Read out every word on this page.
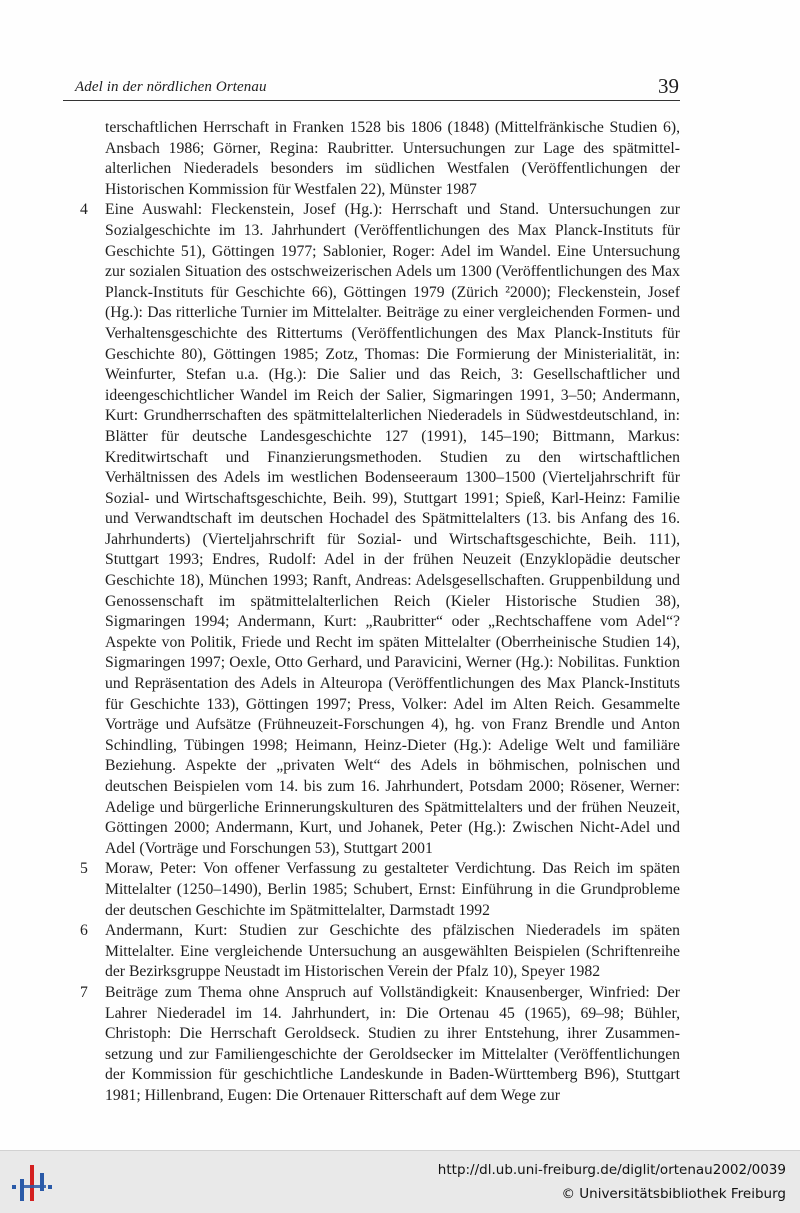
Adel in der nördlichen Ortenau	39
terschaftlichen Herrschaft in Franken 1528 bis 1806 (1848) (Mittelfränkische Studien 6), Ansbach 1986; Görner, Regina: Raubritter. Untersuchungen zur Lage des spätmittelalterlichen Niederadels besonders im südlichen Westfalen (Veröffentlichungen der Historischen Kommission für Westfalen 22), Münster 1987
4	Eine Auswahl: Fleckenstein, Josef (Hg.): Herrschaft und Stand. Untersuchungen zur Sozialgeschichte im 13. Jahrhundert (Veröffentlichungen des Max Planck-Instituts für Geschichte 51), Göttingen 1977; Sablonier, Roger: Adel im Wandel. Eine Untersuchung zur sozialen Situation des ostschweizerischen Adels um 1300 (Veröffentlichungen des Max Planck-Instituts für Geschichte 66), Göttingen 1979 (Zürich ²2000); Fleckenstein, Josef (Hg.): Das ritterliche Turnier im Mittelalter. Beiträge zu einer vergleichenden Formen- und Verhaltensgeschichte des Rittertums (Veröffentlichungen des Max Planck-Instituts für Geschichte 80), Göttingen 1985; Zotz, Thomas: Die Formierung der Ministerialität, in: Weinfurter, Stefan u.a. (Hg.): Die Salier und das Reich, 3: Gesellschaftlicher und ideengeschichtlicher Wandel im Reich der Salier, Sigmaringen 1991, 3–50; Andermann, Kurt: Grundherrschaften des spätmittelalterlichen Niederadels in Südwestdeutschland, in: Blätter für deutsche Landesgeschichte 127 (1991), 145–190; Bittmann, Markus: Kreditwirtschaft und Finanzierungsmethoden. Studien zu den wirtschaftlichen Verhältnissen des Adels im westlichen Bodenseeraum 1300–1500 (Vierteljahrschrift für Sozial- und Wirtschaftsgeschichte, Beih. 99), Stuttgart 1991; Spieß, Karl-Heinz: Familie und Verwandtschaft im deutschen Hochadel des Spätmittelalters (13. bis Anfang des 16. Jahrhunderts) (Vierteljahrschrift für Sozial- und Wirtschaftsgeschichte, Beih. 111), Stuttgart 1993; Endres, Rudolf: Adel in der frühen Neuzeit (Enzyklopädie deutscher Geschichte 18), München 1993; Ranft, Andreas: Adelsgesellschaften. Gruppenbildung und Genossenschaft im spätmittelalterlichen Reich (Kieler Historische Studien 38), Sigmaringen 1994; Andermann, Kurt: „Raubritter“ oder „Rechtschaffene vom Adel“? Aspekte von Politik, Friede und Recht im späten Mittelalter (Oberrheinische Studien 14), Sigmaringen 1997; Oexle, Otto Gerhard, und Paravicini, Werner (Hg.): Nobilitas. Funktion und Repräsentation des Adels in Alteuropa (Veröffentlichungen des Max Planck-Instituts für Geschichte 133), Göttingen 1997; Press, Volker: Adel im Alten Reich. Gesammelte Vorträge und Aufsätze (Frühneuzeit-Forschungen 4), hg. von Franz Brendle und Anton Schindling, Tübingen 1998; Heimann, Heinz-Dieter (Hg.): Adelige Welt und familiäre Beziehung. Aspekte der „privaten Welt“ des Adels in böhmischen, polnischen und deutschen Beispielen vom 14. bis zum 16. Jahrhundert, Potsdam 2000; Rösener, Werner: Adelige und bürgerliche Erinnerungskulturen des Spätmittelalters und der frühen Neuzeit, Göttingen 2000; Andermann, Kurt, und Johanek, Peter (Hg.): Zwischen Nicht-Adel und Adel (Vorträge und Forschungen 53), Stuttgart 2001
5	Moraw, Peter: Von offener Verfassung zu gestalteter Verdichtung. Das Reich im späten Mittelalter (1250–1490), Berlin 1985; Schubert, Ernst: Einführung in die Grundprobleme der deutschen Geschichte im Spätmittelalter, Darmstadt 1992
6	Andermann, Kurt: Studien zur Geschichte des pfälzischen Niederadels im späten Mittelalter. Eine vergleichende Untersuchung an ausgewählten Beispielen (Schriftenreihe der Bezirksgruppe Neustadt im Historischen Verein der Pfalz 10), Speyer 1982
7	Beiträge zum Thema ohne Anspruch auf Vollständigkeit: Knausenberger, Winfried: Der Lahrer Niederadel im 14. Jahrhundert, in: Die Ortenau 45 (1965), 69–98; Bühler, Christoph: Die Herrschaft Geroldseck. Studien zu ihrer Entstehung, ihrer Zusammensetzung und zur Familiengeschichte der Geroldsecker im Mittelalter (Veröffentlichungen der Kommission für geschichtliche Landeskunde in Baden-Württemberg B96), Stuttgart 1981; Hillenbrand, Eugen: Die Ortenauer Ritterschaft auf dem Wege zur
http://dl.ub.uni-freiburg.de/diglit/ortenau2002/0039
© Universitätsbibliothek Freiburg
